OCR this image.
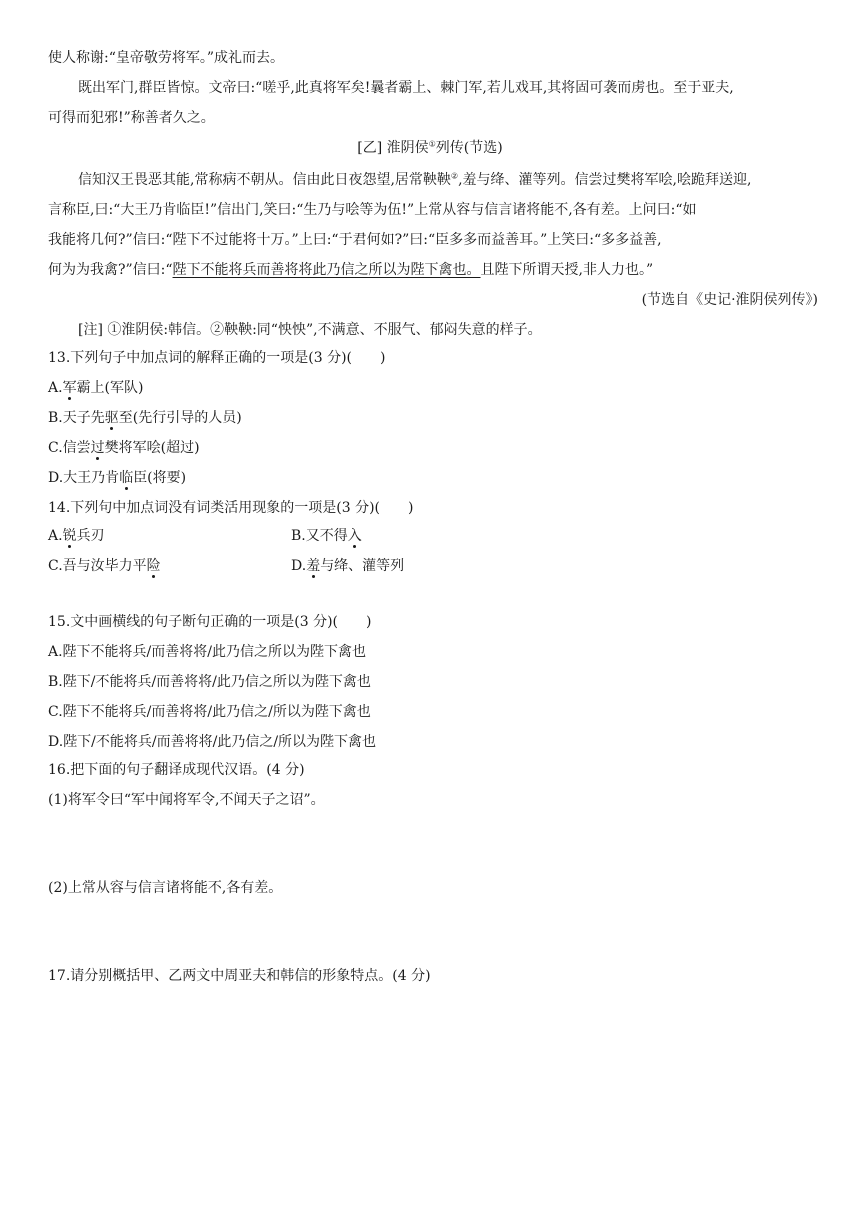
使人称谢:“皇帝敬劳将军。”成礼而去。
既出军门,群臣皆惊。文帝曰:“嗟乎,此真将军矣!曩者霸上、棘门军,若儿戏耳,其将固可袭而虏也。至于亚夫,
可得而犯邪!”称善者久之。
[乙] 淮阴侯①列传(节选)
信知汉王畏恶其能,常称病不朝从。信由此日夜怨望,居常鞅鞅②,羞与绛、灌等列。信尝过樊将军哙,哙跪拜送迎,
言称臣,曰:“大王乃肯临臣!”信出门,笑曰:“生乃与哙等为伍!”上常从容与信言诸将能不,各有差。上问曰:“如
我能将几何?”信曰:“陛下不过能将十万。”上曰:“于君何如?”曰:“臣多多而益善耳。”上笑曰:“多多益善,
何为为我禽?”信曰:“陛下不能将兵而善将将此乃信之所以为陛下禽也。且陛下所谓天授,非人力也。”
(节选自《史记·淮阴侯列传》)
[注] ①淮阴侯:韩信。②鞅鞅:同“怏怏”,不满意、不服气、郁闷失意的样子。
13.下列句子中加点词的解释正确的一项是(3 分)(　　)
A.军霸上(军队)
B.天子先驱至(先行引导的人员)
C.信尝过樊将军哙(超过)
D.大王乃肯临臣(将要)
14.下列句中加点词没有词类活用现象的一项是(3 分)(　　)
A.锐兵刃	B.又不得入
C.吾与汝毕力平险	D.羞与绛、灌等列
15.文中画横线的句子断句正确的一项是(3 分)(　　)
A.陛下不能将兵/而善将将/此乃信之所以为陛下禽也
B.陛下/不能将兵/而善将将/此乃信之所以为陛下禽也
C.陛下不能将兵/而善将将/此乃信之/所以为陛下禽也
D.陛下/不能将兵/而善将将/此乃信之/所以为陛下禽也
16.把下面的句子翻译成现代汉语。(4 分)
(1)将军令曰“军中闻将军令,不闻天子之诏”。
(2)上常从容与信言诸将能不,各有差。
17.请分别概括甲、乙两文中周亚夫和韩信的形象特点。(4 分)
